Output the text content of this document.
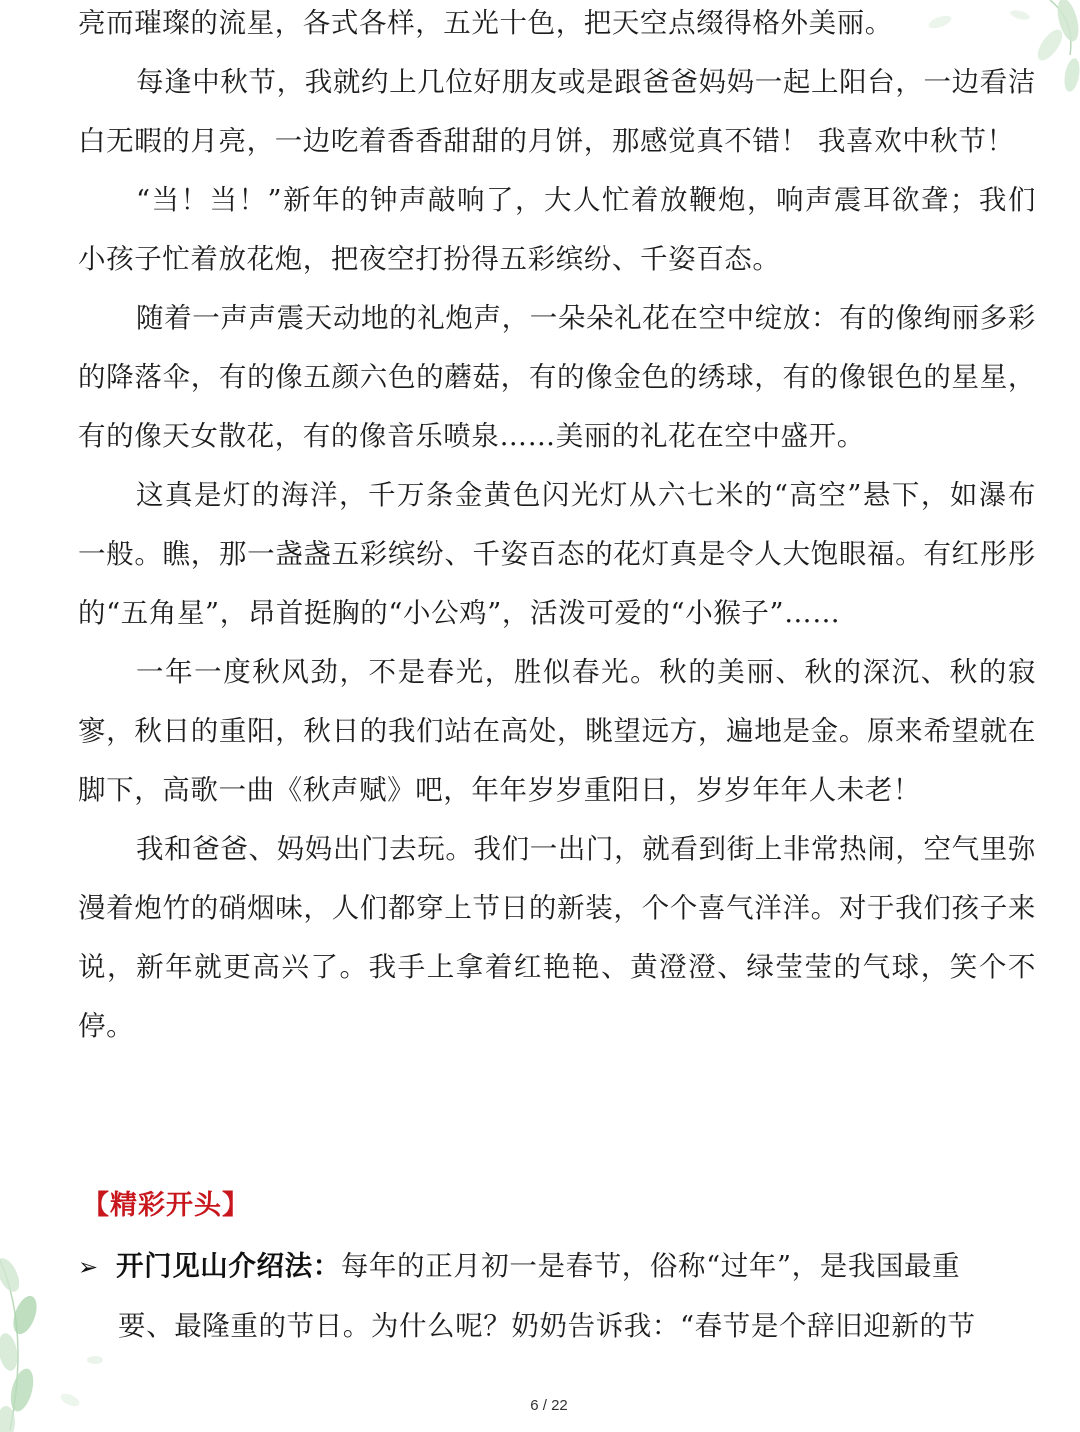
亮而璀璨的流星，各式各样，五光十色，把天空点缀得格外美丽。

每逢中秋节，我就约上几位好朋友或是跟爸爸妈妈一起上阳台，一边看洁白无暇的月亮，一边吃着香香甜甜的月饼，那感觉真不错！ 我喜欢中秋节！

“当！当！”新年的钟声敲响了，大人忙着放鞭炮，响声震耳欲聋；我们小孩子忙着放花炮，把夜空打扮得五彩缤纷、千姿百态。

随着一声声震天动地的礼炮声，一朵朵礼花在空中绽放：有的像绚丽多彩的降落伞，有的像五颜六色的蘑菇，有的像金色的绣球，有的像银色的星星，有的像天女散花，有的像音乐喷泉……美丽的礼花在空中盛开。

这真是灯的海洋，千万条金黄色闪光灯从六七米的“高空”悬下，如瀑布一般。瞧，那一盏盏五彩缤纷、千姿百态的花灯真是令人大饱眼福。有红彤彤的“五角星”，昂首挺胸的“小公鸡”，活泼可爱的“小猴子”……

一年一度秋风劲，不是春光，胜似春光。秋的美丽、秋的深沉、秋的寂寥，秋日的重阳，秋日的我们站在高处，眺望远方，遍地是金。原来希望就在脚下，高歌一曲《秋声赋》吧，年年岁岁重阳日，岁岁年年人未老！

我和爸爸、妈妈出门去玩。我们一出门，就看到街上非常热闹，空气里弥漫着炮竹的硝烟味，人们都穿上节日的新装，个个喜气洋洋。对于我们孩子来说，新年就更高兴了。我手上拿着红艳艳、黄澄澄、绿莹莹的气球，笑个不停。

【精彩开头】
➢ 开门见山介绍法： 每年的正月初一是春节，俗称“过年”，是我国最重
要、最隆重的节日。为什么呢？奶奶告诉我：“春节是个辞旧迎新的节
6 / 22
